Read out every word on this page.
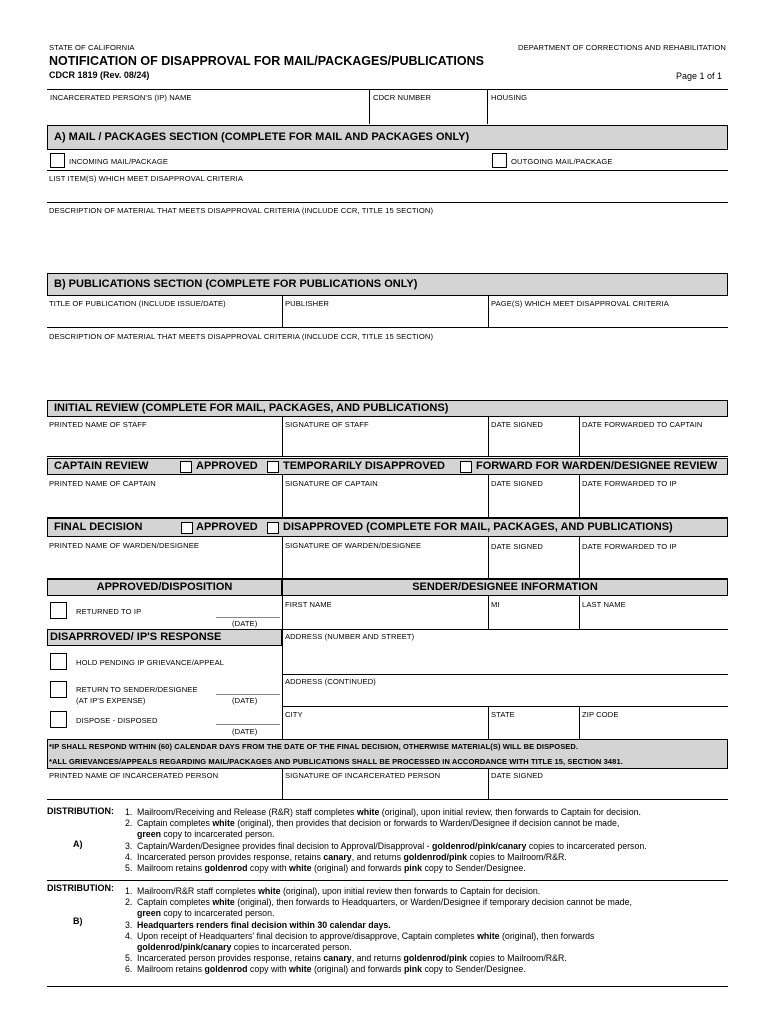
STATE OF CALIFORNIA	DEPARTMENT OF CORRECTIONS AND REHABILITATION
NOTIFICATION OF DISAPPROVAL FOR MAIL/PACKAGES/PUBLICATIONS
CDCR 1819 (Rev. 08/24)	Page 1 of 1
INCARCERATED PERSON'S (IP) NAME	CDCR NUMBER	HOUSING
A) MAIL / PACKAGES SECTION (COMPLETE FOR MAIL AND PACKAGES ONLY)
INCOMING MAIL/PACKAGE	OUTGOING MAIL/PACKAGE
LIST ITEM(S) WHICH MEET DISAPPROVAL CRITERIA
DESCRIPTION OF MATERIAL THAT MEETS DISAPPROVAL CRITERIA (INCLUDE CCR, TITLE 15 SECTION)
B) PUBLICATIONS SECTION (COMPLETE FOR PUBLICATIONS ONLY)
TITLE OF PUBLICATION (INCLUDE ISSUE/DATE)	PUBLISHER	PAGE(S) WHICH MEET DISAPPROVAL CRITERIA
DESCRIPTION OF MATERIAL THAT MEETS DISAPPROVAL CRITERIA (INCLUDE CCR, TITLE 15 SECTION)
INITIAL REVIEW (COMPLETE FOR MAIL, PACKAGES, AND PUBLICATIONS)
PRINTED NAME OF STAFF	SIGNATURE OF STAFF	DATE SIGNED	DATE FORWARDED TO CAPTAIN
CAPTAIN REVIEW	APPROVED TEMPORARILY DISAPPROVED	FORWARD FOR WARDEN/DESIGNEE REVIEW
PRINTED NAME OF CAPTAIN	SIGNATURE OF CAPTAIN	DATE SIGNED	DATE FORWARDED TO IP
FINAL DECISION	APPROVED DISAPPROVED (COMPLETE FOR MAIL, PACKAGES, AND PUBLICATIONS)
PRINTED NAME OF WARDEN/DESIGNEE	SIGNATURE OF WARDEN/DESIGNEE	DATE SIGNED	DATE FORWARDED TO IP
APPROVED/DISPOSITION	SENDER/DESIGNEE INFORMATION
RETURNED TO IP
(DATE)
DISAPRROVED/ IP'S RESPONSE
HOLD PENDING IP GRIEVANCE/APPEAL
RETURN TO SENDER/DESIGNEE
(AT IP'S EXPENSE)	(DATE)
DISPOSE - DISPOSED
(DATE)
FIRST NAME	MI	LAST NAME
ADDRESS (NUMBER AND STREET)
ADDRESS (CONTINUED)
CITY	STATE	ZIP CODE
*IP SHALL RESPOND WITHIN (60) CALENDAR DAYS FROM THE DATE OF THE FINAL DECISION, OTHERWISE MATERIAL(S) WILL BE DISPOSED.
*ALL GRIEVANCES/APPEALS REGARDING MAIL/PACKAGES AND PUBLICATIONS SHALL BE PROCESSED IN ACCORDANCE WITH TITLE 15, SECTION 3481.
PRINTED NAME OF INCARCERATED PERSON	SIGNATURE OF INCARCERATED PERSON	DATE SIGNED
DISTRIBUTION:
A)
1. Mailroom/Receiving and Release (R&R) staff completes white (original), upon initial review, then forwards to Captain for decision.
2. Captain completes white (original), then provides that decision or forwards to Warden/Designee if decision cannot be made,
green copy to incarcerated person.
3. Captain/Warden/Designee provides final decision to Approval/Disapproval - goldenrod/pink/canary copies to incarcerated person.
4. Incarcerated person provides response, retains canary, and returns goldenrod/pink copies to Mailroom/R&R.
5. Mailroom retains goldenrod copy with white (original) and forwards pink copy to Sender/Designee.
DISTRIBUTION:
B)
1. Mailroom/R&R staff completes white (original), upon initial review then forwards to Captain for decision.
2. Captain completes white (original), then forwards to Headquarters, or Warden/Designee if temporary decision cannot be made,
green copy to incarcerated person.
3. Headquarters renders final decision within 30 calendar days.
4. Upon receipt of Headquarters' final decision to approve/disapprove, Captain completes white (original), then forwards
goldenrod/pink/canary copies to incarcerated person.
5. Incarcerated person provides response, retains canary, and returns goldenrod/pink copies to Mailroom/R&R.
6. Mailroom retains goldenrod copy with white (original) and forwards pink copy to Sender/Designee.
